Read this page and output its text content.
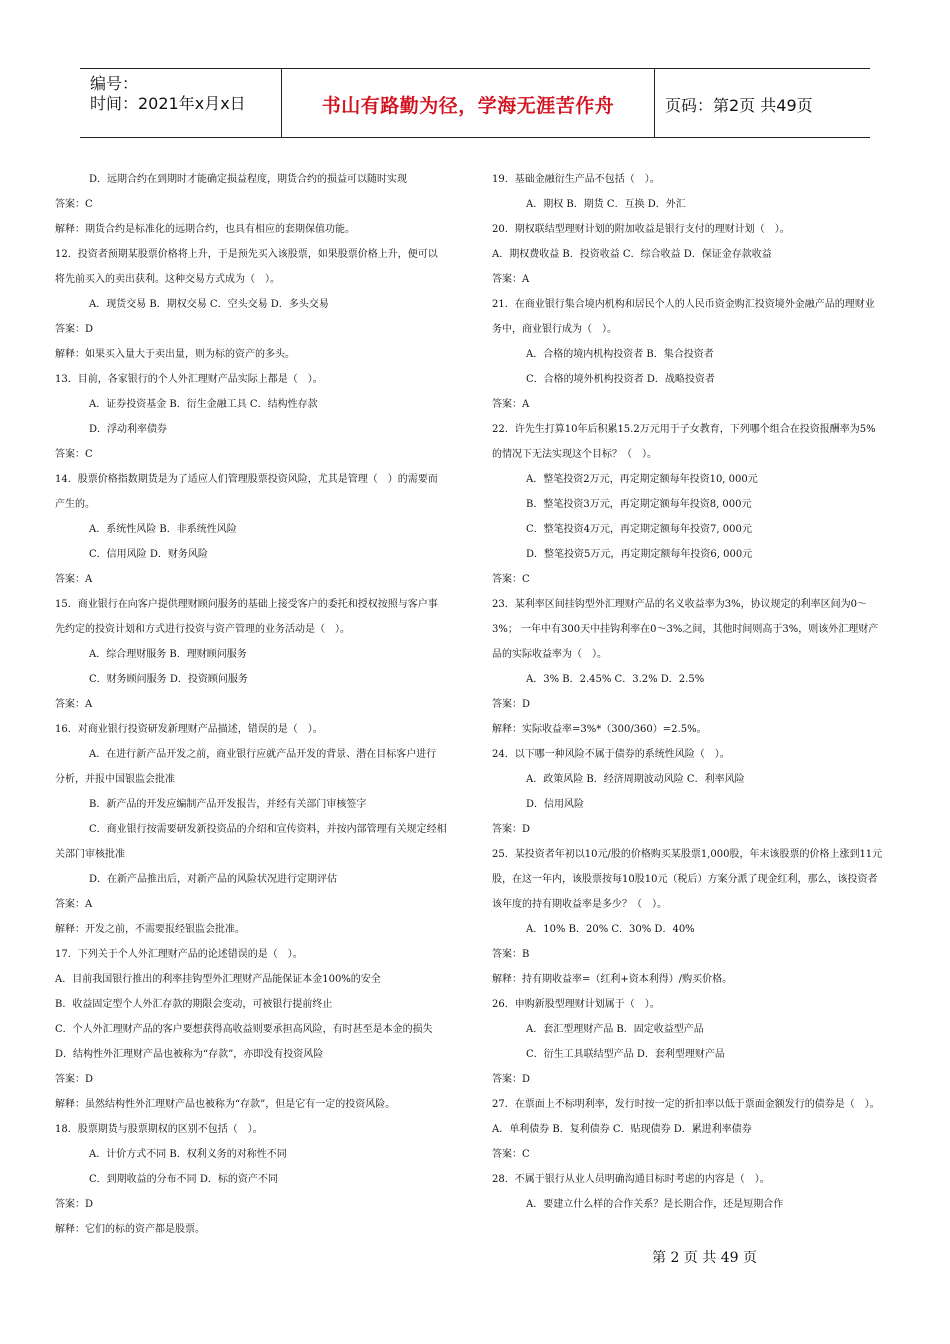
编号：
时间：2021年x月x日	书山有路勤为径，学海无涯苦作舟	页码：第2页 共49页
D．远期合约在到期时才能确定损益程度，期货合约的损益可以随时实现
答案：C
解释：期货合约是标准化的远期合约，也具有相应的套期保值功能。
12．投资者预期某股票价格将上升，于是预先买入该股票，如果股票价格上升，便可以
将先前买入的卖出获利。这种交易方式成为（　）。
A．现货交易 B．期权交易 C．空头交易 D．多头交易
答案：D
解释：如果买入量大于卖出量，则为标的资产的多头。
13．目前，各家银行的个人外汇理财产品实际上都是（　）。
A．证券投资基金 B．衍生金融工具 C．结构性存款
D．浮动利率债券
答案：C
14．股票价格指数期货是为了适应人们管理股票投资风险，尤其是管理（　）的需要而
产生的。
A．系统性风险 B．非系统性风险
C．信用风险 D．财务风险
答案：A
15．商业银行在向客户提供理财顾问服务的基础上接受客户的委托和授权按照与客户事
先约定的投资计划和方式进行投资与资产管理的业务活动是（　）。
A．综合理财服务 B．理财顾问服务
C．财务顾问服务 D．投资顾问服务
答案：A
16．对商业银行投资研发新理财产品描述，错误的是（　）。
A．在进行新产品开发之前，商业银行应就产品开发的背景、潜在目标客户进行
分析，并报中国银监会批准
B．新产品的开发应编制产品开发报告，并经有关部门审核签字
C．商业银行按需要研发新投资品的介绍和宣传资料，并按内部管理有关规定经相
关部门审核批准
D．在新产品推出后，对新产品的风险状况进行定期评估
答案：A
解释：开发之前，不需要报经银监会批准。
17．下列关于个人外汇理财产品的论述错误的是（　）。
A．目前我国银行推出的利率挂钩型外汇理财产品能保证本金100%的安全
B．收益固定型个人外汇存款的期限会变动，可被银行提前终止
C．个人外汇理财产品的客户要想获得高收益则要承担高风险，有时甚至是本金的损失
D．结构性外汇理财产品也被称为“存款”，亦即没有投资风险
答案：D
解释：虽然结构性外汇理财产品也被称为“存款”，但是它有一定的投资风险。
18．股票期货与股票期权的区别不包括（　）。
A．计价方式不同 B．权利义务的对称性不同
C．到期收益的分布不同 D．标的资产不同
答案：D
解释：它们的标的资产都是股票。
19．基础金融衍生产品不包括（　）。
A．期权 B．期货 C．互换 D．外汇
20．期权联结型理财计划的附加收益是银行支付的理财计划（　）。
A．期权费收益 B．投资收益 C．综合收益 D．保证金存款收益
答案：A
21．在商业银行集合境内机构和居民个人的人民币资金购汇投资境外金融产品的理财业
务中，商业银行成为（　）。
A．合格的境内机构投资者 B．集合投资者
C．合格的境外机构投资者 D．战略投资者
答案：A
22．许先生打算10年后积累15.2万元用于子女教育，下列哪个组合在投资报酬率为5%
的情况下无法实现这个目标？（　）。
A．整笔投资2万元，再定期定额每年投资10, 000元
B．整笔投资3万元，再定期定额每年投资8, 000元
C．整笔投资4万元，再定期定额每年投资7, 000元
D．整笔投资5万元，再定期定额每年投资6, 000元
答案：C
23．某利率区间挂钩型外汇理财产品的名义收益率为3%，协议规定的利率区间为0～
3%； 一年中有300天中挂钩利率在0～3%之间，其他时间则高于3%，则该外汇理财产
品的实际收益率为（　）。
A．3% B．2.45% C．3.2% D．2.5%
答案：D
解释：实际收益率=3%*（300/360）=2.5%。
24．以下哪一种风险不属于债券的系统性风险（　）。
A．政策风险 B．经济周期波动风险 C．利率风险
D．信用风险
答案：D
25．某投资者年初以10元/股的价格购买某股票1,000股，年末该股票的价格上涨到11元
股，在这一年内，该股票按每10股10元（税后）方案分派了现金红利，那么，该投资者
该年度的持有期收益率是多少？（　）。
A．10% B．20% C．30% D．40%
答案：B
解释：持有期收益率=（红利+资本利得）/购买价格。
26．申购新股型理财计划属于（　）。
A．套汇型理财产品 B．固定收益型产品
C．衍生工具联结型产品 D．套利型理财产品
答案：D
27．在票面上不标明利率，发行时按一定的折扣率以低于票面金额发行的债券是（　）。
A．单利债券 B．复利债券 C．贴现债券 D．累进利率债券
答案：C
28．不属于银行从业人员明确沟通目标时考虑的内容是（　）。
A．要建立什么样的合作关系？是长期合作，还是短期合作
第 2 页 共 49 页
